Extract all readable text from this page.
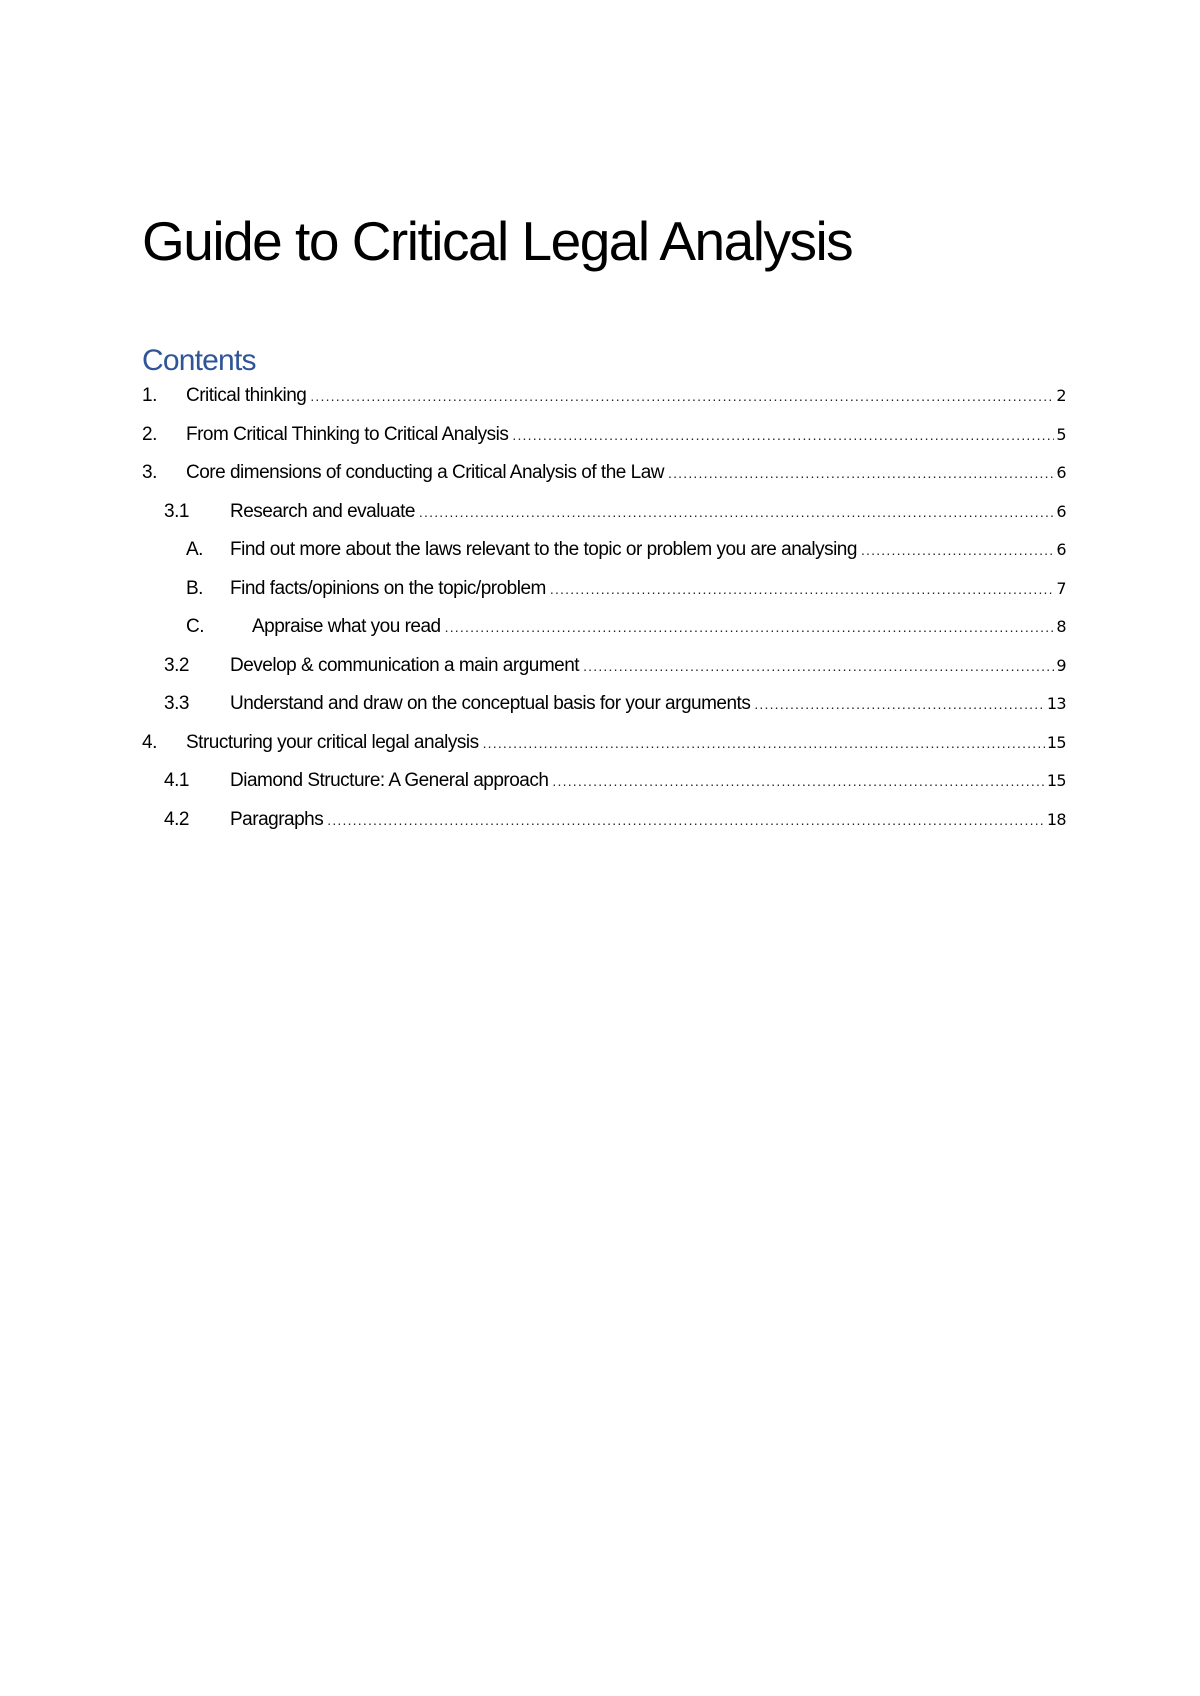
Guide to Critical Legal Analysis
Contents
1.	Critical thinking .....	2
2.	From Critical Thinking to Critical Analysis .....	5
3.	Core dimensions of conducting a Critical Analysis of the Law .....	6
3.1	Research and evaluate .....	6
A.	Find out more about the laws relevant to the topic or problem you are analysing .....	6
B.	Find facts/opinions on the topic/problem .....	7
C.	Appraise what you read .....	8
3.2	Develop & communication a main argument .....	9
3.3	Understand and draw on the conceptual basis for your arguments .....	13
4.	Structuring your critical legal analysis .....	15
4.1	Diamond Structure: A General approach .....	15
4.2	Paragraphs .....	18
